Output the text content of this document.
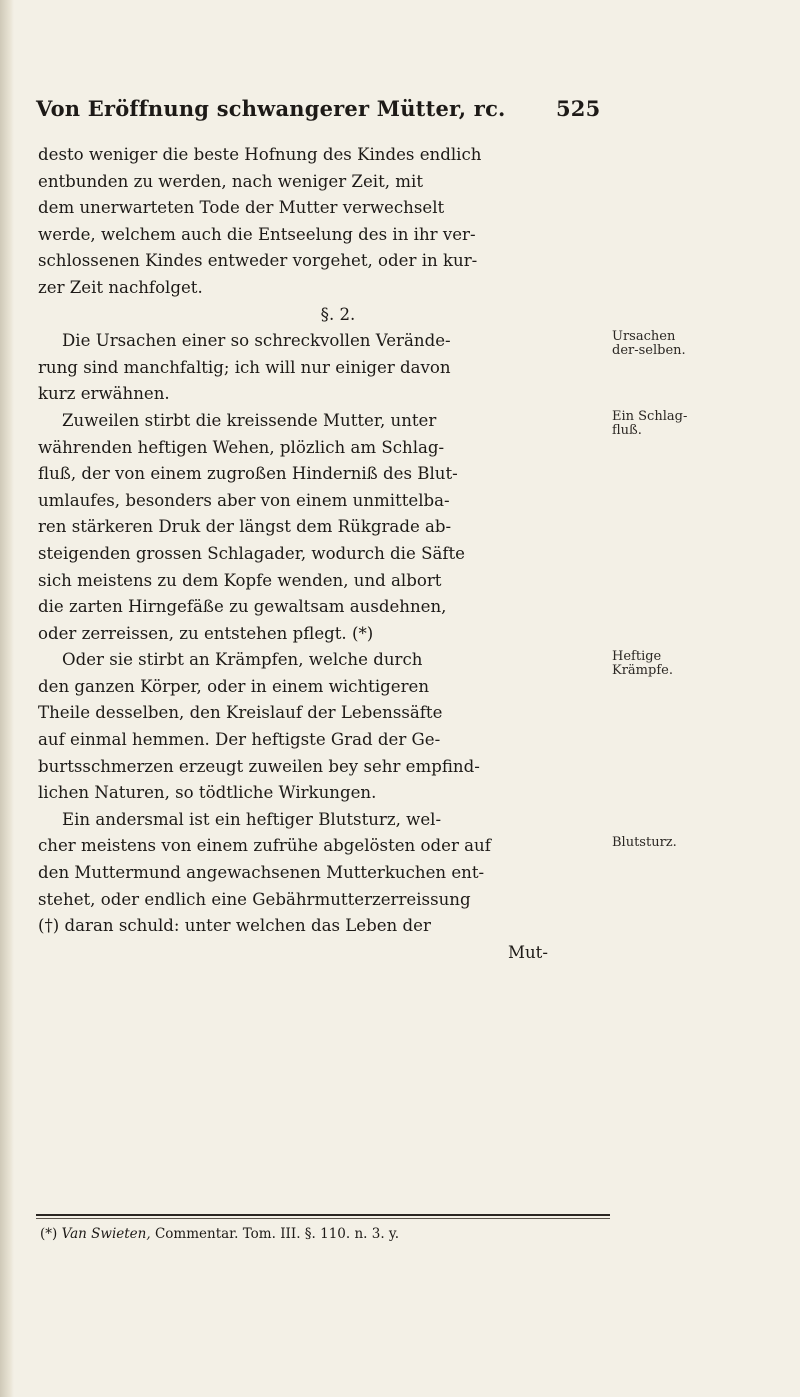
Von Eröffnung schwangerer Mütter, rc. 525
desto weniger die beste Hofnung des Kindes endlich
entbunden zu werden, nach weniger Zeit, mit
dem unerwarteten Tode der Mutter verwechselt
werde, welchem auch die Entseelung des in ihr ver-
schlossenen Kindes entweder vorgehet, oder in kur-
zer Zeit nachfolget.
§. 2.
Die Ursachen einer so schreckvollen Verände-
rung sind manchfaltig; ich will nur einiger davon
kurz erwähnen.
Zuweilen stirbt die kreissende Mutter, unter
währenden heftigen Wehen, plözlich am Schlag-
fluß, der von einem zugroßen Hinderniß des Blut-
umlaufes, besonders aber von einem unmittelba-
ren stärkeren Druk der längst dem Rükgrade ab-
steigenden grossen Schlagader, wodurch die Säfte
sich meistens zu dem Kopfe wenden, und albort
die zarten Hirngefäße zu gewaltsam ausdehnen,
oder zerreissen, zu entstehen pflegt. (*)
Oder sie stirbt an Krämpfen, welche durch
den ganzen Körper, oder in einem wichtigeren
Theile desselben, den Kreislauf der Lebenssäfte
auf einmal hemmen. Der heftigste Grad der Ge-
burtsschmerzen erzeugt zuweilen bey sehr empfind-
lichen Naturen, so tödtliche Wirkungen.
Ein andersmal ist ein heftiger Blutsturz, wel-
cher meistens von einem zufrühe abgelösten oder auf
den Muttermund angewachsenen Mutterkuchen ent-
stehet, oder endlich eine Gebährmutterzerreissung
(†) daran schuld: unter welchen das Leben der
Mut-
Ursachen der-selben.
Ein Schlag-fluß.
Heftige Krämpfe.
Blutsturz.
(*) Van Swieten, Commentar. Tom. III. §. 110. n. 3. y.
